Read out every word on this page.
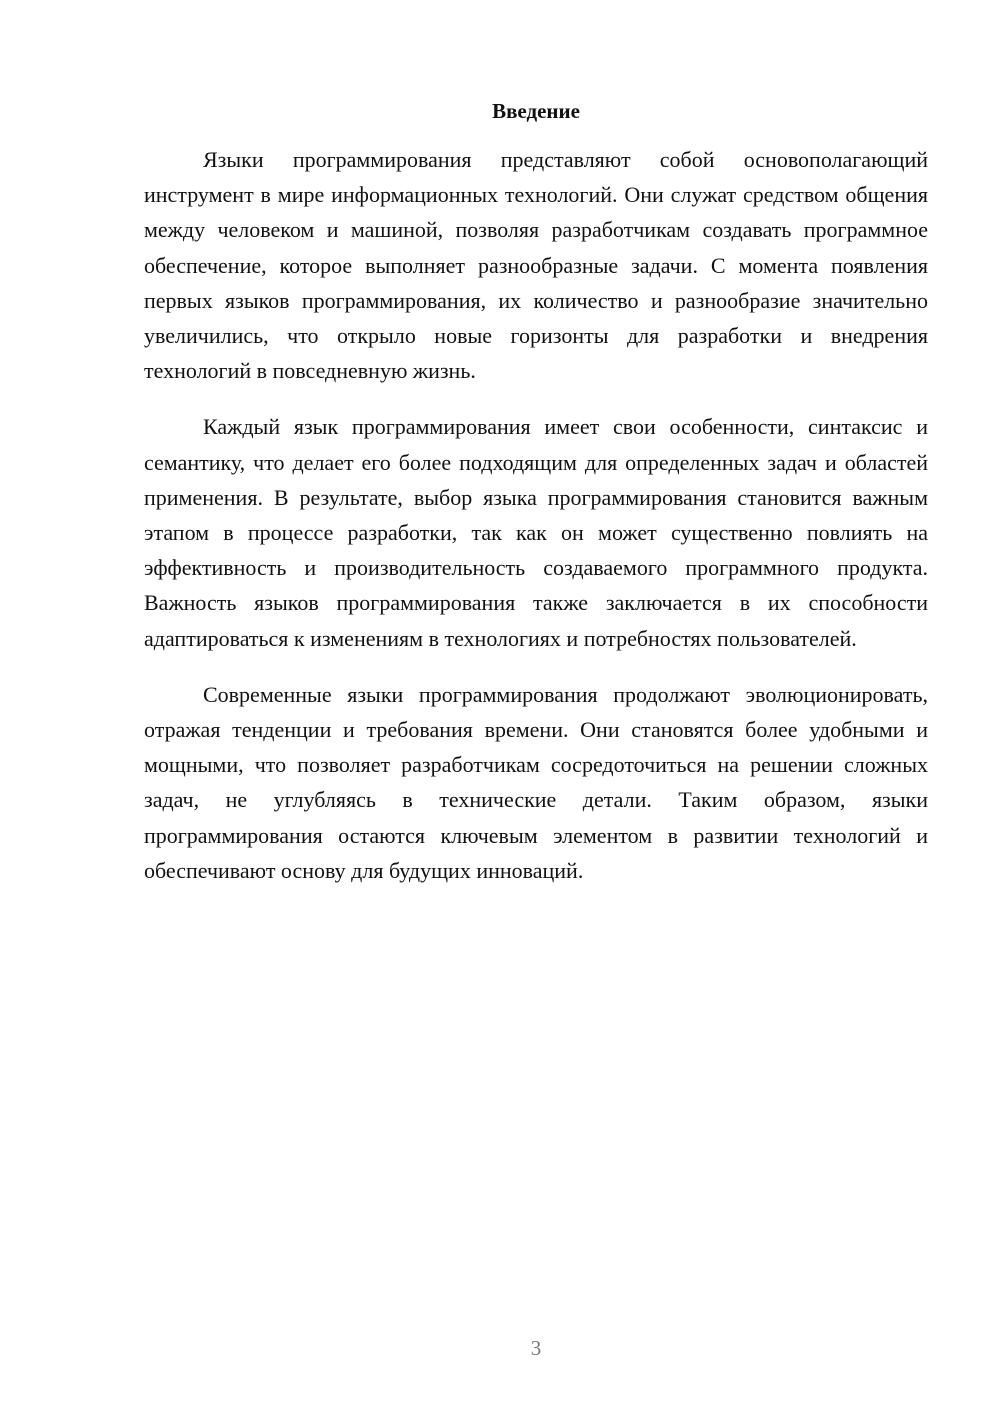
Введение

Языки программирования представляют собой основополагающий инструмент в мире информационных технологий. Они служат средством общения между человеком и машиной, позволяя разработчикам создавать программное обеспечение, которое выполняет разнообразные задачи. С момента появления первых языков программирования, их количество и разнообразие значительно увеличились, что открыло новые горизонты для разработки и внедрения технологий в повседневную жизнь.

Каждый язык программирования имеет свои особенности, синтаксис и семантику, что делает его более подходящим для определенных задач и областей применения. В результате, выбор языка программирования становится важным этапом в процессе разработки, так как он может существенно повлиять на эффективность и производительность создаваемого программного продукта. Важность языков программирования также заключается в их способности адаптироваться к изменениям в технологиях и потребностях пользователей.

Современные языки программирования продолжают эволюционировать, отражая тенденции и требования времени. Они становятся более удобными и мощными, что позволяет разработчикам сосредоточиться на решении сложных задач, не углубляясь в технические детали. Таким образом, языки программирования остаются ключевым элементом в развитии технологий и обеспечивают основу для будущих инноваций.

3
